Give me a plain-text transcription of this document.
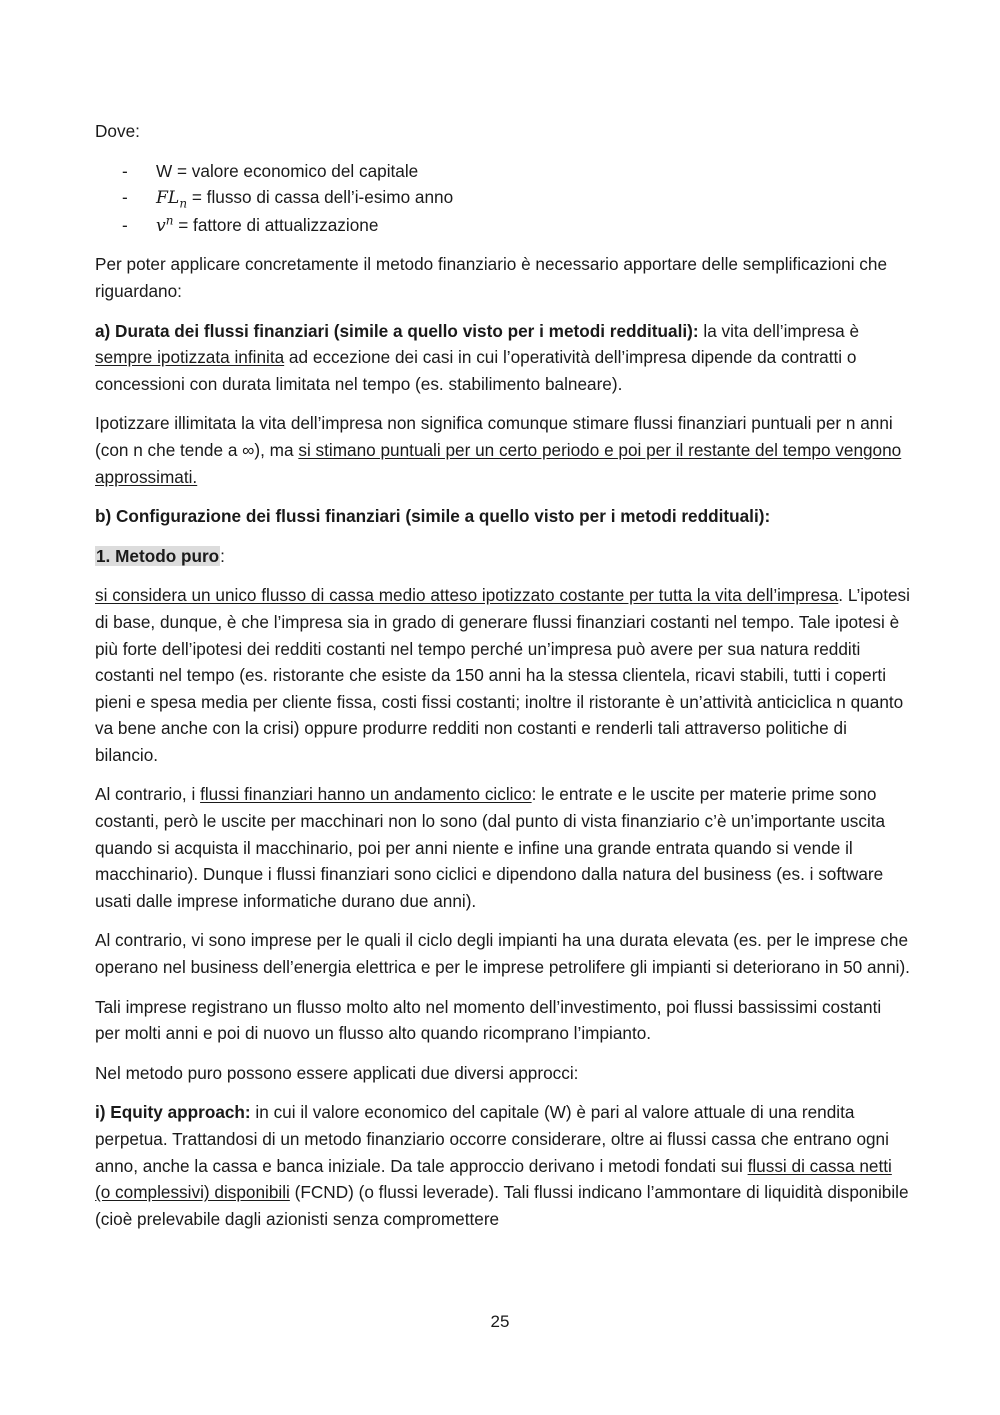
Dove:

- W = valore economico del capitale
- $FL_n$ = flusso di cassa dell’i-esimo anno
- $v^n$ = fattore di attualizzazione

Per poter applicare concretamente il metodo finanziario è necessario apportare delle semplificazioni che riguardano:

a) Durata dei flussi finanziari (simile a quello visto per i metodi reddituali): la vita dell’impresa è sempre ipotizzata infinita ad eccezione dei casi in cui l’operatività dell’impresa dipende da contratti o concessioni con durata limitata nel tempo (es. stabilimento balneare).

Ipotizzare illimitata la vita dell’impresa non significa comunque stimare flussi finanziari puntuali per n anni (con n che tende a ∞), ma si stimano puntuali per un certo periodo e poi per il restante del tempo vengono approssimati.

b) Configurazione dei flussi finanziari (simile a quello visto per i metodi reddituali):

1. Metodo puro:

si considera un unico flusso di cassa medio atteso ipotizzato costante per tutta la vita dell’impresa. L’ipotesi di base, dunque, è che l’impresa sia in grado di generare flussi finanziari costanti nel tempo. Tale ipotesi è più forte dell’ipotesi dei redditi costanti nel tempo perché un’impresa può avere per sua natura redditi costanti nel tempo (es. ristorante che esiste da 150 anni ha la stessa clientela, ricavi stabili, tutti i coperti pieni e spesa media per cliente fissa, costi fissi costanti; inoltre il ristorante è un’attività anticiclica n quanto va bene anche con la crisi) oppure produrre redditi non costanti e renderli tali attraverso politiche di bilancio.

Al contrario, i flussi finanziari hanno un andamento ciclico: le entrate e le uscite per materie prime sono costanti, però le uscite per macchinari non lo sono (dal punto di vista finanziario c’è un’importante uscita quando si acquista il macchinario, poi per anni niente e infine una grande entrata quando si vende il macchinario). Dunque i flussi finanziari sono ciclici e dipendono dalla natura del business (es. i software usati dalle imprese informatiche durano due anni).

Al contrario, vi sono imprese per le quali il ciclo degli impianti ha una durata elevata (es. per le imprese che operano nel business dell’energia elettrica e per le imprese petrolifere gli impianti si deteriorano in 50 anni).

Tali imprese registrano un flusso molto alto nel momento dell’investimento, poi flussi bassissimi costanti per molti anni e poi di nuovo un flusso alto quando ricomprano l’impianto.

Nel metodo puro possono essere applicati due diversi approcci:

i) Equity approach: in cui il valore economico del capitale (W) è pari al valore attuale di una rendita perpetua. Trattandosi di un metodo finanziario occorre considerare, oltre ai flussi cassa che entrano ogni anno, anche la cassa e banca iniziale. Da tale approccio derivano i metodi fondati sui flussi di cassa netti (o complessivi) disponibili (FCND) (o flussi leverade). Tali flussi indicano l’ammontare di liquidità disponibile (cioè prelevabile dagli azionisti senza compromettere

25
